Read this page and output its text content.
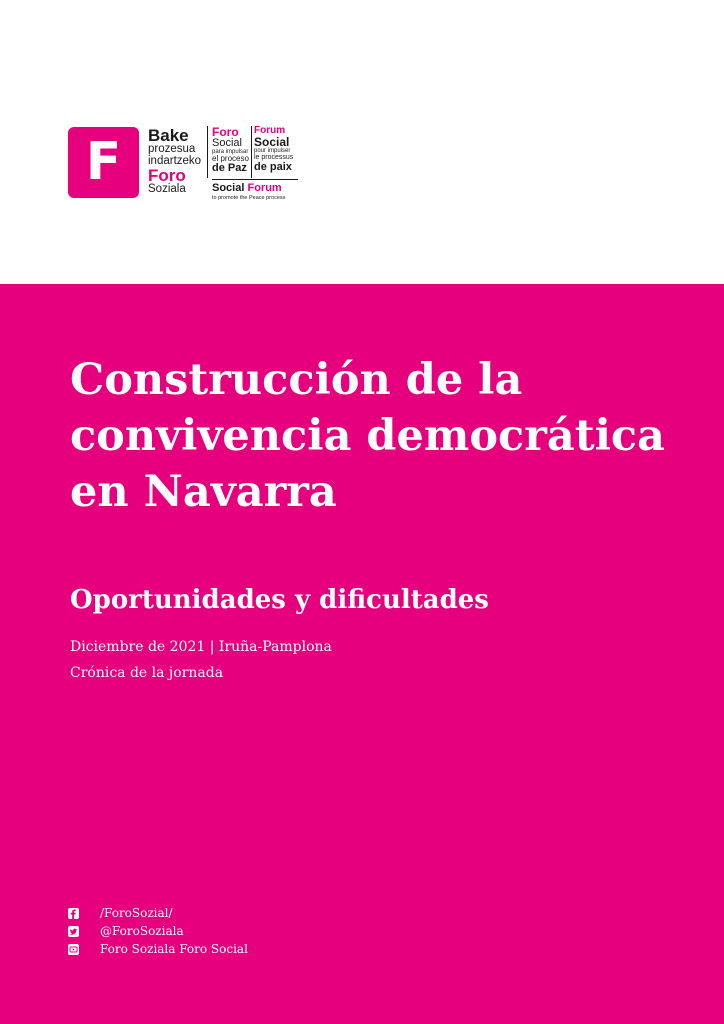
F	Bake
prozesua
indartzeko
Foro
Soziala
Foro
Social
para impulsar
el proceso
de Paz
Forum
Social
pour impulser
le processus
de paix
Social Forum
to promote the Peace process
Construcción de la convivencia democrática en Navarra
Oportunidades y dificultades
Diciembre de 2021 | Iruña-Pamplona
Crónica de la jornada
/ForoSozial/
@ForoSoziala
Foro Soziala Foro Social
